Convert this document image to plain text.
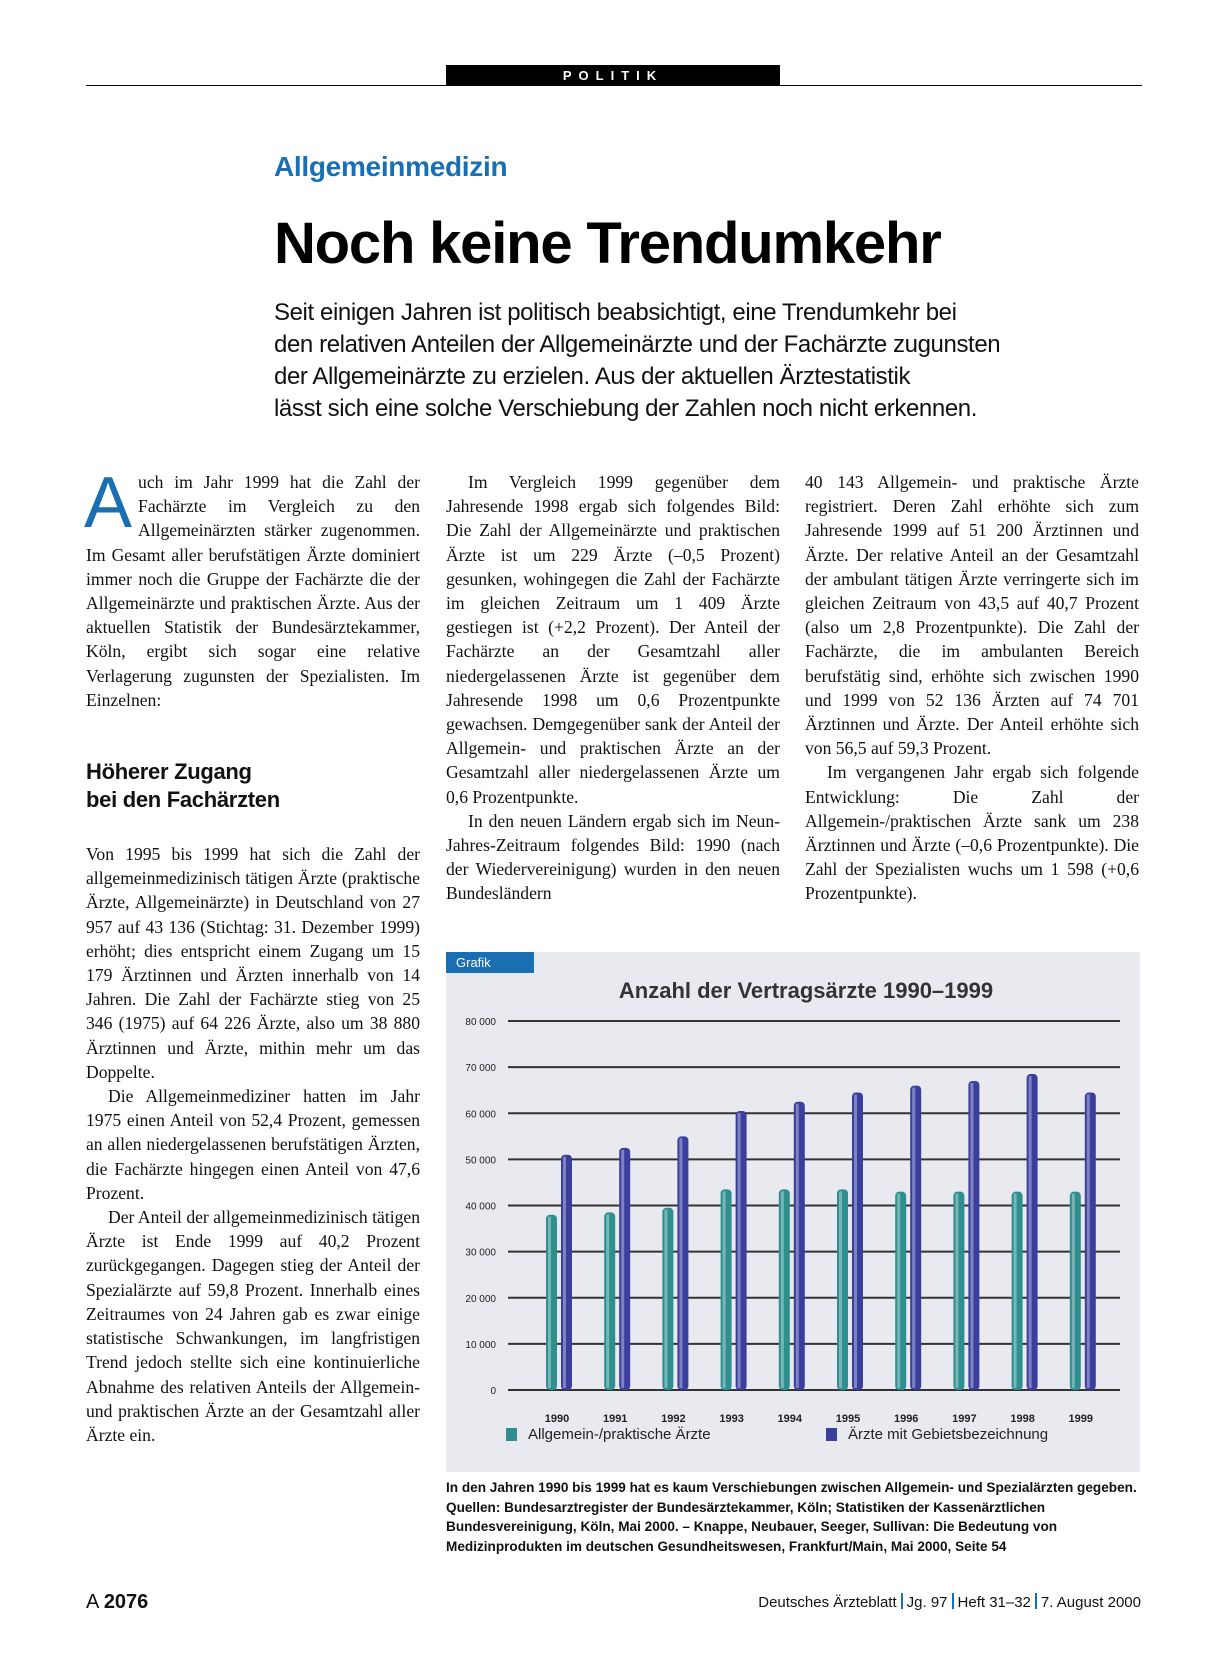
POLITIK
Allgemeinmedizin
Noch keine Trendumkehr
Seit einigen Jahren ist politisch beabsichtigt, eine Trendumkehr bei
den relativen Anteilen der Allgemeinärzte und der Fachärzte zugunsten
der Allgemeinärzte zu erzielen. Aus der aktuellen Ärztestatistik
lässt sich eine solche Verschiebung der Zahlen noch nicht erkennen.

Auch im Jahr 1999 hat die Zahl der Fachärzte im Vergleich zu den Allgemeinärzten stärker zugenommen. Im Gesamt aller berufstätigen Ärzte dominiert immer noch die Gruppe der Fachärzte die der Allgemeinärzte und praktischen Ärzte. Aus der aktuellen Statistik der Bundesärztekammer, Köln, ergibt sich sogar eine relative Verlagerung zugunsten der Spezialisten. Im Einzelnen:

Höherer Zugang
bei den Fachärzten

Von 1995 bis 1999 hat sich die Zahl der allgemeinmedizinisch tätigen Ärzte (praktische Ärzte, Allgemeinärzte) in Deutschland von 27 957 auf 43 136 (Stichtag: 31. Dezember 1999) erhöht; dies entspricht einem Zugang um 15 179 Ärztinnen und Ärzten innerhalb von 14 Jahren. Die Zahl der Fachärzte stieg von 25 346 (1975) auf 64 226 Ärzte, also um 38 880 Ärztinnen und Ärzte, mithin mehr um das Doppelte.

Die Allgemeinmediziner hatten im Jahr 1975 einen Anteil von 52,4 Prozent, gemessen an allen niedergelassenen berufstätigen Ärzten, die Fachärzte hingegen einen Anteil von 47,6 Prozent.

Der Anteil der allgemeinmedizinisch tätigen Ärzte ist Ende 1999 auf 40,2 Prozent zurückgegangen. Dagegen stieg der Anteil der Spezialärzte auf 59,8 Prozent. Innerhalb eines Zeitraumes von 24 Jahren gab es zwar einige statistische Schwankungen, im langfristigen Trend jedoch stellte sich eine kontinuierliche Abnahme des relativen Anteils der Allgemein- und praktischen Ärzte an der Gesamtzahl aller Ärzte ein.

Im Vergleich 1999 gegenüber dem Jahresende 1998 ergab sich folgendes Bild: Die Zahl der Allgemeinärzte und praktischen Ärzte ist um 229 Ärzte (–0,5 Prozent) gesunken, wohingegen die Zahl der Fachärzte im gleichen Zeitraum um 1 409 Ärzte gestiegen ist (+2,2 Prozent). Der Anteil der Fachärzte an der Gesamtzahl aller niedergelassenen Ärzte ist gegenüber dem Jahresende 1998 um 0,6 Prozentpunkte gewachsen. Demgegenüber sank der Anteil der Allgemein- und praktischen Ärzte an der Gesamtzahl aller niedergelassenen Ärzte um 0,6 Prozentpunkte.

In den neuen Ländern ergab sich im Neun-Jahres-Zeitraum folgendes Bild: 1990 (nach der Wiedervereinigung) wurden in den neuen Bundesländern

40 143 Allgemein- und praktische Ärzte registriert. Deren Zahl erhöhte sich zum Jahresende 1999 auf 51 200 Ärztinnen und Ärzte. Der relative Anteil an der Gesamtzahl der ambulant tätigen Ärzte verringerte sich im gleichen Zeitraum von 43,5 auf 40,7 Prozent (also um 2,8 Prozentpunkte). Die Zahl der Fachärzte, die im ambulanten Bereich berufstätig sind, erhöhte sich zwischen 1990 und 1999 von 52 136 Ärzten auf 74 701 Ärztinnen und Ärzte. Der Anteil erhöhte sich von 56,5 auf 59,3 Prozent.

Im vergangenen Jahr ergab sich folgende Entwicklung: Die Zahl der Allgemein-/praktischen Ärzte sank um 238 Ärztinnen und Ärzte (–0,6 Prozentpunkte). Die Zahl der Spezialisten wuchs um 1 598 (+0,6 Prozentpunkte).

Anzahl der Vertragsärzte 1990–1999
0
10 000
20 000
30 000
40 000
50 000
60 000
70 000
80 000
1990	1991	1992	1993	1994	1995	1996	1997	1998	1999
Allgemein-/praktische Ärzte	Ärzte mit Gebietsbezeichnung
Grafik
In den Jahren 1990 bis 1999 hat es kaum Verschiebungen zwischen Allgemein- und Spezialärzten gegeben. Quellen: Bundesarztregister der Bundesärztekammer, Köln; Statistiken der Kassenärztlichen Bundesvereinigung, Köln, Mai 2000. – Knappe, Neubauer, Seeger, Sullivan: Die Bedeutung von Medizinprodukten im deutschen Gesundheitswesen, Frankfurt/Main, Mai 2000, Seite 54
A 2076	Deutsches Ärzteblatt Jg. 97 Heft 31–32 7. August 2000
